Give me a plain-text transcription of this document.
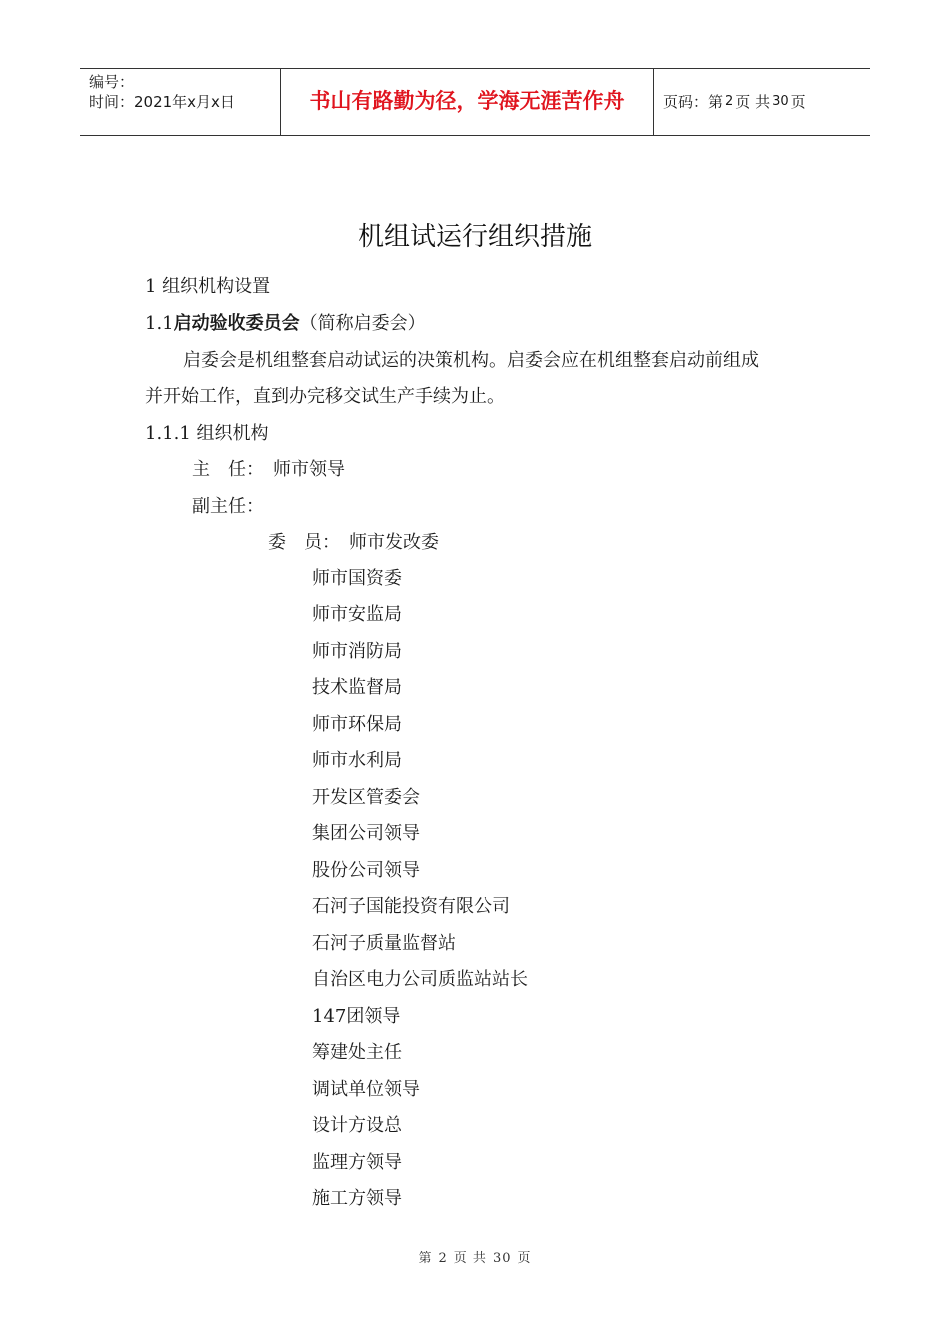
编号：
时间：2021年x月x日	书山有路勤为径，学海无涯苦作舟	页码：第 2 页 共 30 页
机组试运行组织措施
1 组织机构设置
1.1启动验收委员会（简称启委会）
启委会是机组整套启动试运的决策机构。启委会应在机组整套启动前组成
并开始工作，直到办完移交试生产手续为止。
1.1.1 组织机构
主　任：　师市领导
副主任：
委　员：　师市发改委
师市国资委
师市安监局
师市消防局
技术监督局
师市环保局
师市水利局
开发区管委会
集团公司领导
股份公司领导
石河子国能投资有限公司
石河子质量监督站
自治区电力公司质监站站长
147团领导
筹建处主任
调试单位领导
设计方设总
监理方领导
施工方领导
第 2 页 共 30 页
